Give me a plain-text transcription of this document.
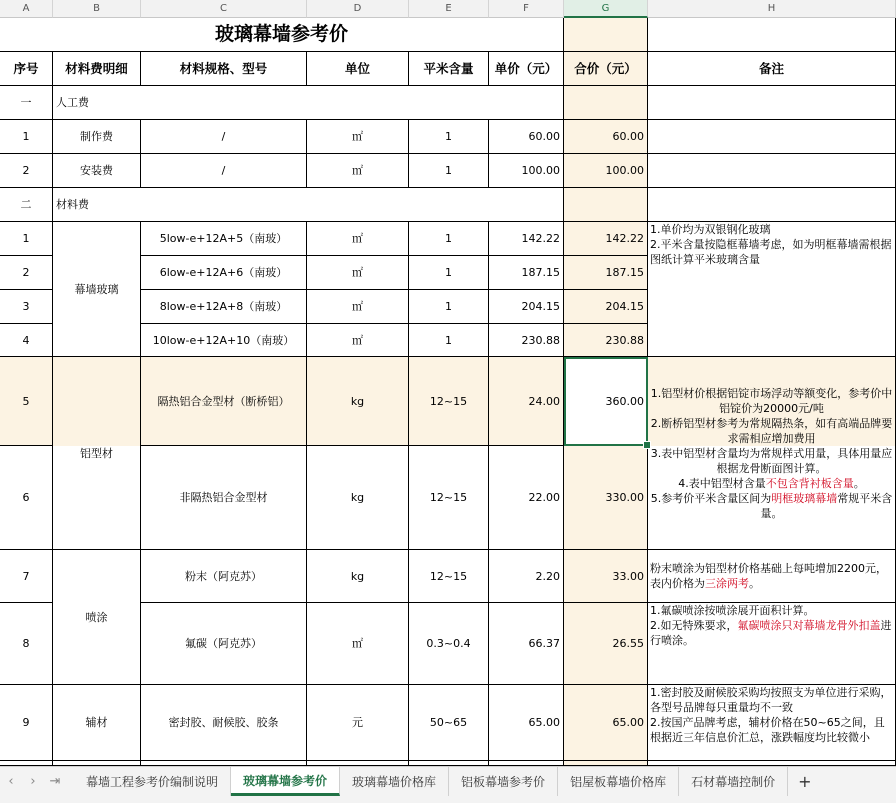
A	B	C	D	E	F	G	H
玻璃幕墙参考价
序号	材料费明细	材料规格、型号	单位	平米含量	单价（元）	合价（元）	备注
一	人工费
1	制作费	/	㎡	1	60.00	60.00
2	安装费	/	㎡	1	100.00	100.00
二	材料费
1	5low-e+12A+5（南玻）	㎡	1	142.22	142.22
2	6low-e+12A+6（南玻）	㎡	1	187.15	187.15
3	8low-e+12A+8（南玻）	㎡	1	204.15	204.15
4	10low-e+12A+10（南玻）	㎡	1	230.88	230.88
幕墙玻璃
1.单价均为双银钢化玻璃
2.平米含量按隐框幕墙考虑，如为明框幕墙需根据图纸计算平米玻璃含量
5	隔热铝合金型材（断桥铝）	kg	12~15	24.00	360.00
6	非隔热铝合金型材	kg	12~15	22.00	330.00
铝型材
1.铝型材价根据铝锭市场浮动等额变化，参考价中铝锭价为20000元/吨
2.断桥铝型材参考为常规隔热条，如有高端品牌要求需相应增加费用
3.表中铝型材含量均为常规样式用量，具体用量应根据龙骨断面图计算。
4.表中铝型材含量不包含背衬板含量。
5.参考价平米含量区间为明框玻璃幕墙常规平米含量。
7	粉末（阿克苏）	kg	12~15	2.20	33.00
粉末喷涂为铝型材价格基础上每吨增加2200元，表内价格为三涂两考。
8	氟碳（阿克苏）	㎡	0.3~0.4	66.37	26.55
1.氟碳喷涂按喷涂展开面积计算。
2.如无特殊要求，氟碳喷涂只对幕墙龙骨外扣盖进行喷涂。
喷涂
9	辅材	密封胶、耐候胶、胶条	元	50~65	65.00	65.00
1.密封胶及耐候胶采购均按照支为单位进行采购，各型号品牌每只重量均不一致
2.按国产品牌考虑，辅材价格在50~65之间，且根据近三年信息价汇总，涨跌幅度均比较微小
‹	›	⇥	幕墙工程参考价编制说明	玻璃幕墙参考价	玻璃幕墙价格库	铝板幕墙参考价	铝屋板幕墙价格库	石材幕墙控制价	+
